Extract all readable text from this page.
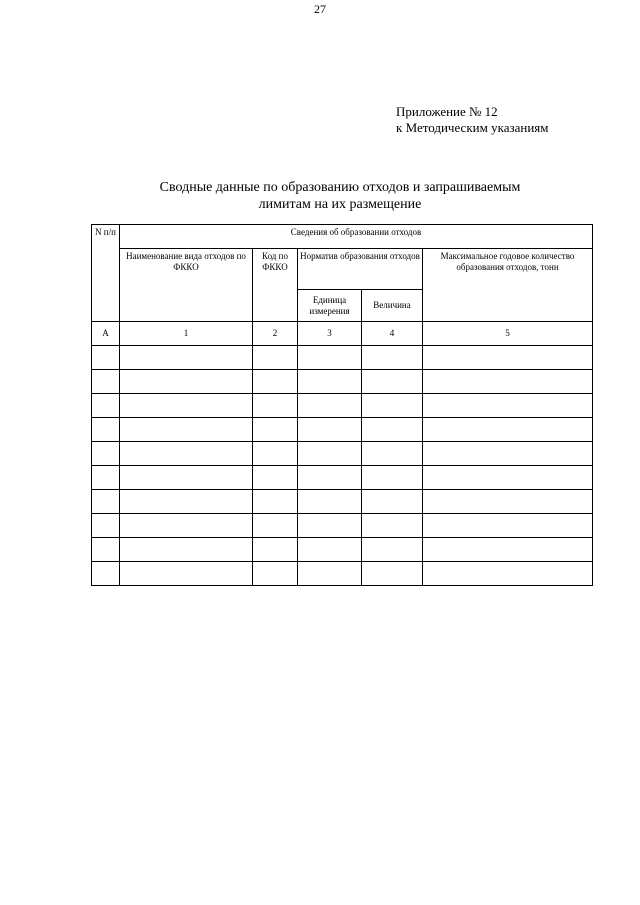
27
Приложение № 12
к Методическим указаниям
Сводные данные по образованию отходов и запрашиваемым
лимитам на их размещение
N п/п	Сведения об образовании отходов				
	Наименование вида отходов по ФККО	Код по ФККО	Норматив образования отходов		Максимальное годовое количество образования отходов, тонн
			Единица измерения	Величина	
А	1	2	3	4	5
